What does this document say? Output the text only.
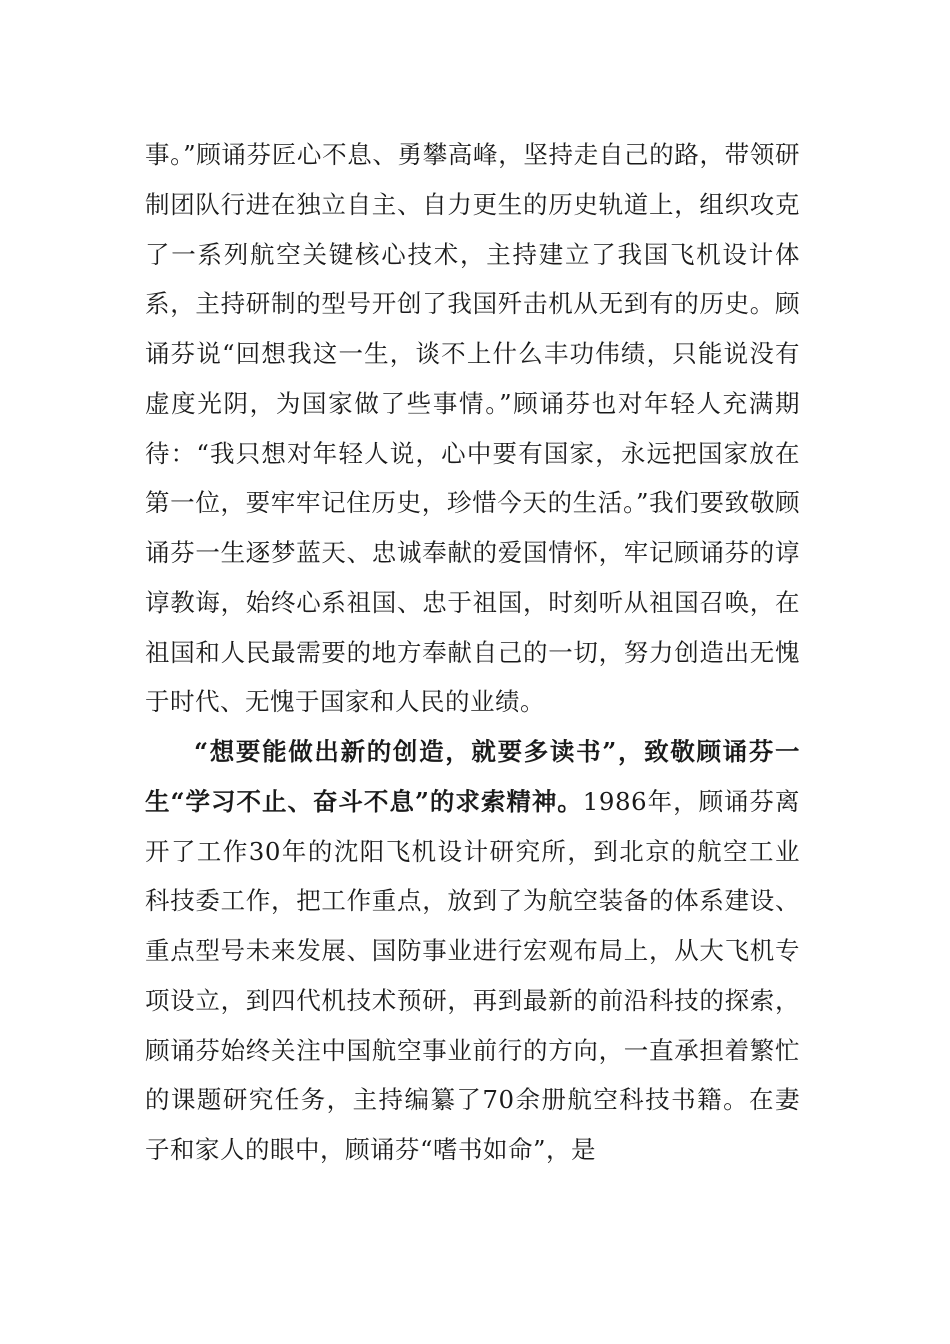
事。”顾诵芬匠心不息、勇攀高峰，坚持走自己的路，带领研制团队行进在独立自主、自力更生的历史轨道上，组织攻克了一系列航空关键核心技术，主持建立了我国飞机设计体系，主持研制的型号开创了我国歼击机从无到有的历史。顾诵芬说“回想我这一生，谈不上什么丰功伟绩，只能说没有虚度光阴，为国家做了些事情。”顾诵芬也对年轻人充满期待：“我只想对年轻人说，心中要有国家，永远把国家放在第一位，要牢牢记住历史，珍惜今天的生活。”我们要致敬顾诵芬一生逐梦蓝天、忠诚奉献的爱国情怀，牢记顾诵芬的谆谆教诲，始终心系祖国、忠于祖国，时刻听从祖国召唤，在祖国和人民最需要的地方奉献自己的一切，努力创造出无愧于时代、无愧于国家和人民的业绩。

“想要能做出新的创造，就要多读书”，致敬顾诵芬一生“学习不止、奋斗不息”的求索精神。1986年，顾诵芬离开了工作30年的沈阳飞机设计研究所，到北京的航空工业科技委工作，把工作重点，放到了为航空装备的体系建设、重点型号未来发展、国防事业进行宏观布局上，从大飞机专项设立，到四代机技术预研，再到最新的前沿科技的探索，顾诵芬始终关注中国航空事业前行的方向，一直承担着繁忙的课题研究任务，主持编纂了70余册航空科技书籍。在妻子和家人的眼中，顾诵芬“嗜书如命”，是
